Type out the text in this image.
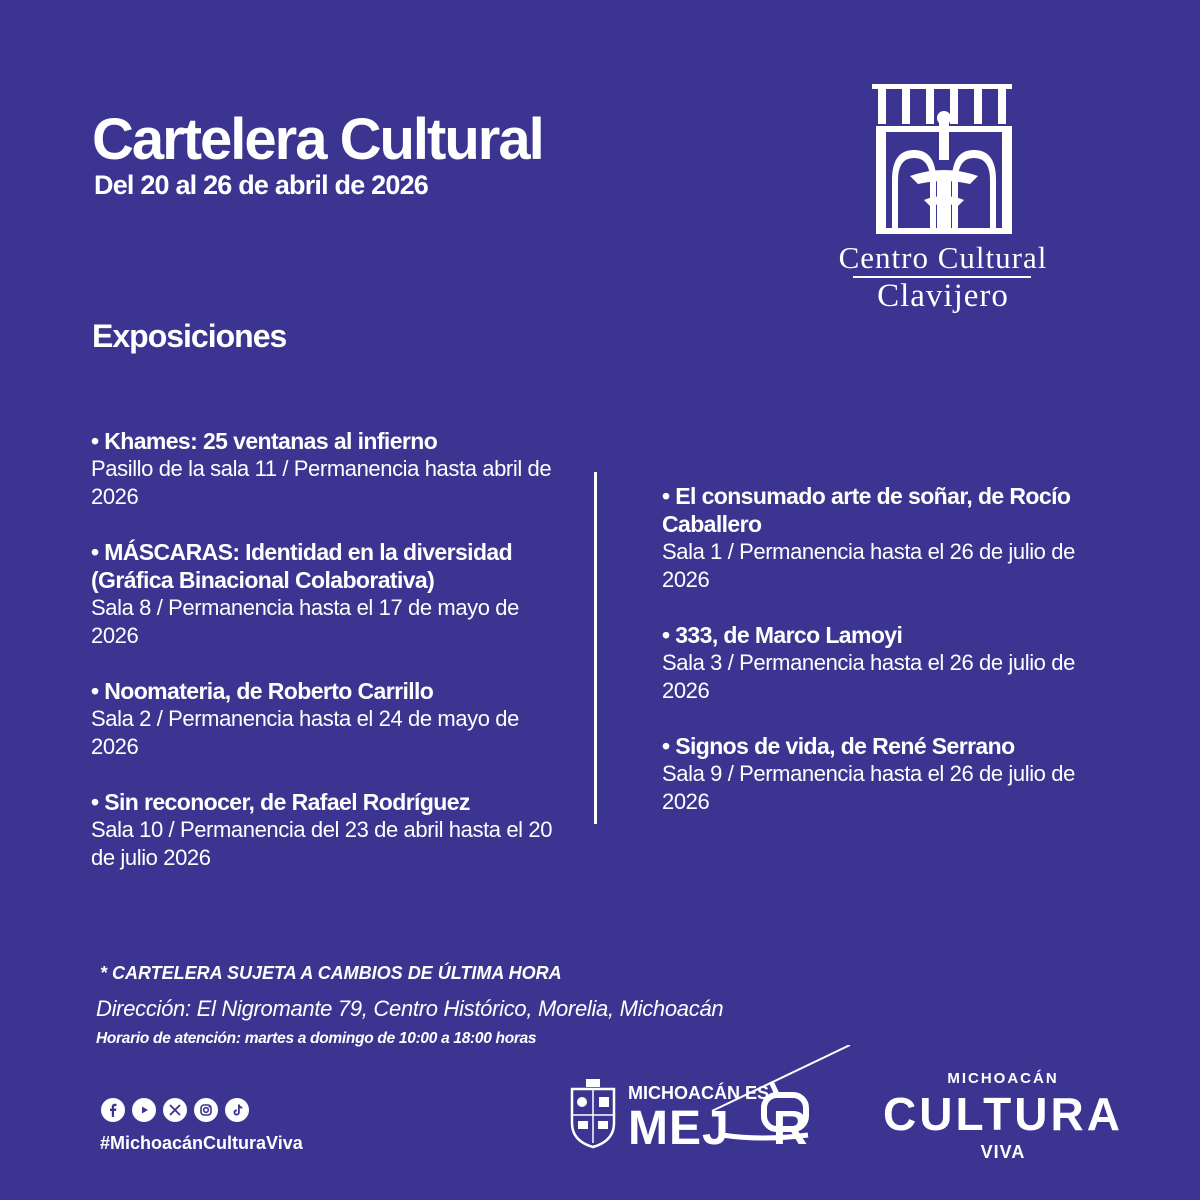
Cartelera Cultural
Del 20 al 26 de abril de 2026
Centro Cultural
Clavijero
Exposiciones
• Khames: 25 ventanas al infierno
Pasillo de la sala 11 / Permanencia hasta abril de 2026
• MÁSCARAS: Identidad en la diversidad (Gráfica Binacional Colaborativa)
Sala 8 / Permanencia hasta el 17 de mayo de 2026
• Noomateria, de Roberto Carrillo
Sala 2 / Permanencia hasta el 24 de mayo de 2026
• Sin reconocer, de Rafael Rodríguez
Sala 10 / Permanencia del 23 de abril hasta el 20 de julio 2026
• El consumado arte de soñar, de Rocío Caballero
Sala 1 / Permanencia hasta el 26 de julio de 2026
• 333, de Marco Lamoyi
Sala 3 / Permanencia hasta el 26 de julio de 2026
• Signos de vida, de René Serrano
Sala 9 / Permanencia hasta el 26 de julio de 2026
* CARTELERA SUJETA A CAMBIOS DE ÚLTIMA HORA
Dirección: El Nigromante 79, Centro Histórico, Morelia, Michoacán
Horario de atención: martes a domingo de 10:00 a 18:00 horas
#MichoacánCulturaViva
MICHOACÁN ES
MEJ   R
MICHOACÁN
CULTURA
VIVA
